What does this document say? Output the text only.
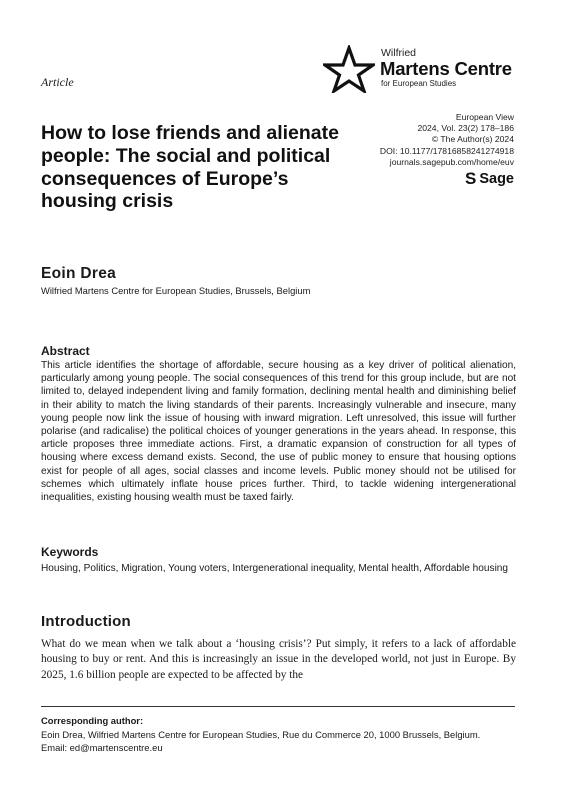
Wilfried
Martens Centre
for European Studies
Article
European View
2024, Vol. 23(2) 178–186
© The Author(s) 2024
DOI: 10.1177/17816858241274918
journals.sagepub.com/home/euv
S Sage
How to lose friends and alienate people: The social and political consequences of Europe’s housing crisis
Eoin Drea
Wilfried Martens Centre for European Studies, Brussels, Belgium
Abstract
This article identifies the shortage of affordable, secure housing as a key driver of political alienation, particularly among young people. The social consequences of this trend for this group include, but are not limited to, delayed independent living and family formation, declining mental health and diminishing belief in their ability to match the living standards of their parents. Increasingly vulnerable and insecure, many young people now link the issue of housing with inward migration. Left unresolved, this issue will further polarise (and radicalise) the political choices of younger generations in the years ahead. In response, this article proposes three immediate actions. First, a dramatic expansion of construction for all types of housing where excess demand exists. Second, the use of public money to ensure that housing options exist for people of all ages, social classes and income levels. Public money should not be utilised for schemes which ultimately inflate house prices further. Third, to tackle widening intergenerational inequalities, existing housing wealth must be taxed fairly.
Keywords
Housing, Politics, Migration, Young voters, Intergenerational inequality, Mental health, Affordable housing
Introduction
What do we mean when we talk about a ‘housing crisis’? Put simply, it refers to a lack of affordable housing to buy or rent. And this is increasingly an issue in the developed world, not just in Europe. By 2025, 1.6 billion people are expected to be affected by the
Corresponding author:
Eoin Drea, Wilfried Martens Centre for European Studies, Rue du Commerce 20, 1000 Brussels, Belgium.
Email: ed@martenscentre.eu
